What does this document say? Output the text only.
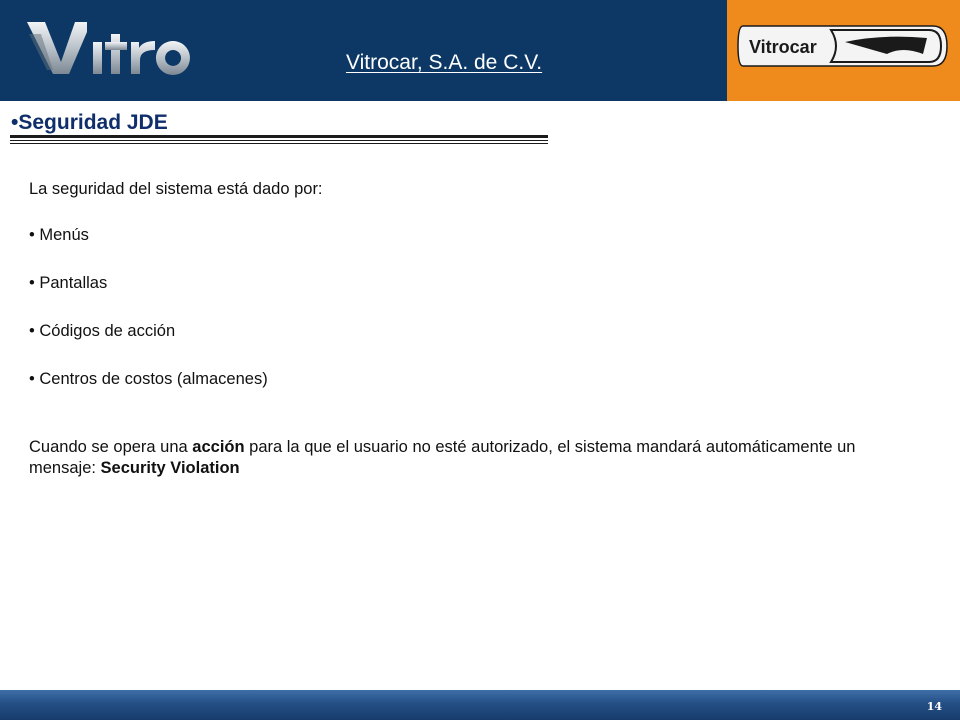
Vitrocar, S.A. de C.V.
Vitrocar
•Seguridad JDE
La seguridad del sistema está dado por:
• Menús
• Pantallas
• Códigos de acción
• Centros de costos (almacenes)
Cuando se opera una acción para la que el usuario no esté autorizado, el sistema mandará automáticamente un mensaje: Security Violation
14
